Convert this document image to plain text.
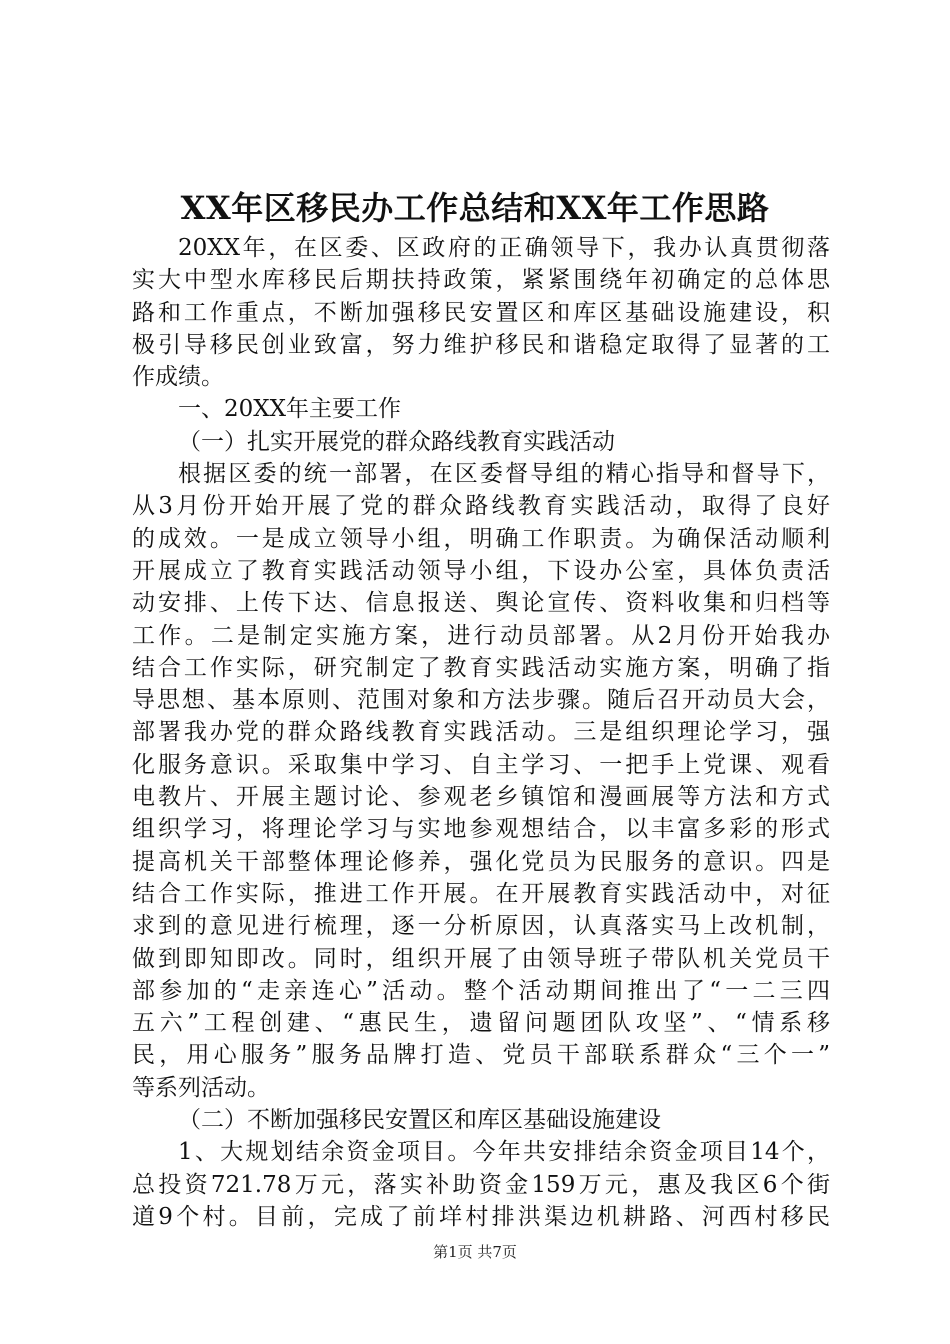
XX年区移民办工作总结和XX年工作思路
20XX年，在区委、区政府的正确领导下，我办认真贯彻落
实大中型水库移民后期扶持政策，紧紧围绕年初确定的总体思
路和工作重点，不断加强移民安置区和库区基础设施建设，积
极引导移民创业致富，努力维护移民和谐稳定取得了显著的工
作成绩。
一、20XX年主要工作
（一）扎实开展党的群众路线教育实践活动
根据区委的统一部署，在区委督导组的精心指导和督导下，
从3月份开始开展了党的群众路线教育实践活动，取得了良好
的成效。一是成立领导小组，明确工作职责。为确保活动顺利
开展成立了教育实践活动领导小组，下设办公室，具体负责活
动安排、上传下达、信息报送、舆论宣传、资料收集和归档等
工作。二是制定实施方案，进行动员部署。从2月份开始我办
结合工作实际，研究制定了教育实践活动实施方案，明确了指
导思想、基本原则、范围对象和方法步骤。随后召开动员大会，
部署我办党的群众路线教育实践活动。三是组织理论学习，强
化服务意识。采取集中学习、自主学习、一把手上党课、观看
电教片、开展主题讨论、参观老乡镇馆和漫画展等方法和方式
组织学习，将理论学习与实地参观想结合，以丰富多彩的形式
提高机关干部整体理论修养，强化党员为民服务的意识。四是
结合工作实际，推进工作开展。在开展教育实践活动中，对征
求到的意见进行梳理，逐一分析原因，认真落实马上改机制，
做到即知即改。同时，组织开展了由领导班子带队机关党员干
部参加的“走亲连心”活动。整个活动期间推出了“一二三四
五六”工程创建、“惠民生，遗留问题团队攻坚”、“情系移
民，用心服务”服务品牌打造、党员干部联系群众“三个一”
等系列活动。
（二）不断加强移民安置区和库区基础设施建设
1、大规划结余资金项目。今年共安排结余资金项目14个，
总投资721.78万元，落实补助资金159万元，惠及我区6个街
道9个村。目前，完成了前垟村排洪渠边机耕路、河西村移民
第1页 共7页
